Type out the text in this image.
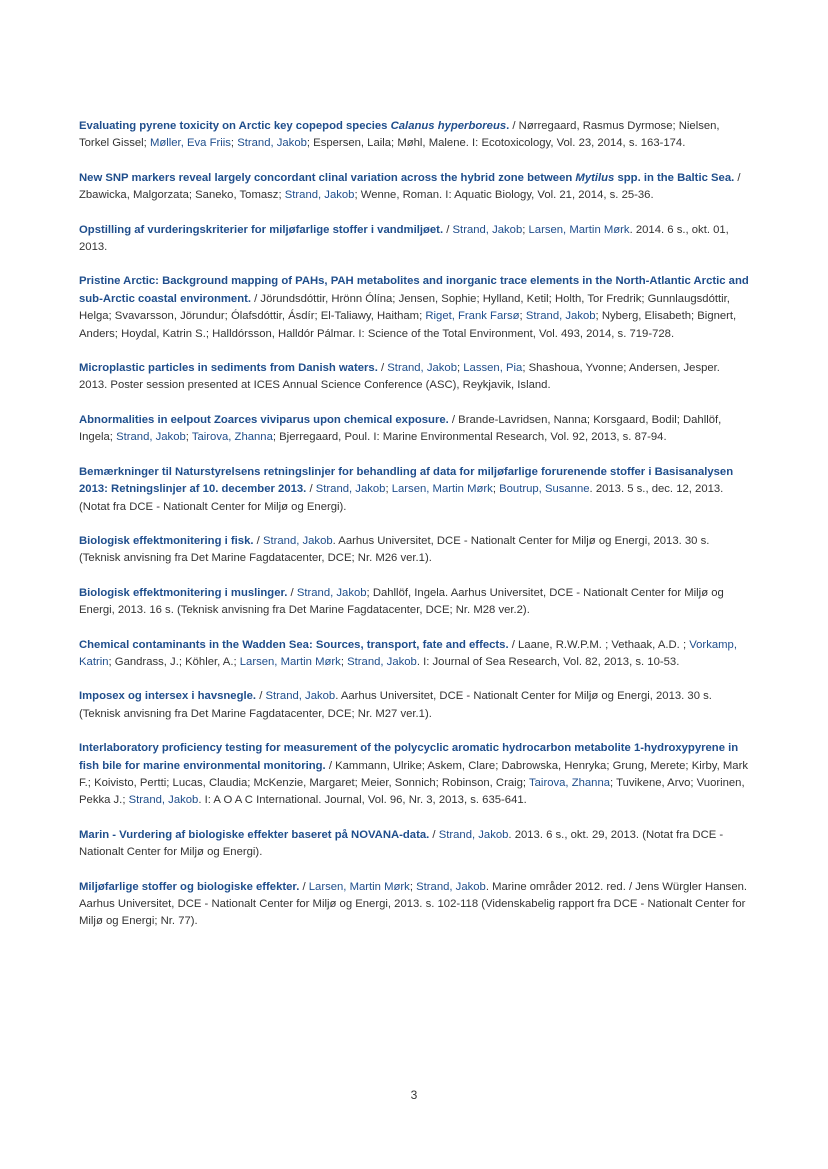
Evaluating pyrene toxicity on Arctic key copepod species Calanus hyperboreus. / Nørregaard, Rasmus Dyrmose; Nielsen, Torkel Gissel; Møller, Eva Friis; Strand, Jakob; Espersen, Laila; Møhl, Malene. I: Ecotoxicology, Vol. 23, 2014, s. 163-174.

New SNP markers reveal largely concordant clinal variation across the hybrid zone between Mytilus spp. in the Baltic Sea. / Zbawicka, Malgorzata; Saneko, Tomasz; Strand, Jakob; Wenne, Roman. I: Aquatic Biology, Vol. 21, 2014, s. 25-36.

Opstilling af vurderingskriterier for miljøfarlige stoffer i vandmiljøet. / Strand, Jakob; Larsen, Martin Mørk. 2014. 6 s., okt. 01, 2013.

Pristine Arctic: Background mapping of PAHs, PAH metabolites and inorganic trace elements in the North-Atlantic Arctic and sub-Arctic coastal environment. / Jörundsdóttir, Hrönn Ólína; Jensen, Sophie; Hylland, Ketil; Holth, Tor Fredrik; Gunnlaugsdóttir, Helga; Svavarsson, Jörundur; Ólafsdóttir, Ásdír; El-Taliawy, Haitham; Riget, Frank Farsø; Strand, Jakob; Nyberg, Elisabeth; Bignert, Anders; Hoydal, Katrin S.; Halldórsson, Halldór Pálmar. I: Science of the Total Environment, Vol. 493, 2014, s. 719-728.

Microplastic particles in sediments from Danish waters. / Strand, Jakob; Lassen, Pia; Shashoua, Yvonne; Andersen, Jesper. 2013. Poster session presented at ICES Annual Science Conference (ASC), Reykjavik, Island.

Abnormalities in eelpout Zoarces viviparus upon chemical exposure. / Brande-Lavridsen, Nanna; Korsgaard, Bodil; Dahllöf, Ingela; Strand, Jakob; Tairova, Zhanna; Bjerregaard, Poul. I: Marine Environmental Research, Vol. 92, 2013, s. 87-94.

Bemærkninger til Naturstyrelsens retningslinjer for behandling af data for miljøfarlige forurenende stoffer i Basisanalysen 2013: Retningslinjer af 10. december 2013. / Strand, Jakob; Larsen, Martin Mørk; Boutrup, Susanne. 2013. 5 s., dec. 12, 2013. (Notat fra DCE - Nationalt Center for Miljø og Energi).

Biologisk effektmonitering i fisk. / Strand, Jakob. Aarhus Universitet, DCE - Nationalt Center for Miljø og Energi, 2013. 30 s. (Teknisk anvisning fra Det Marine Fagdatacenter, DCE; Nr. M26 ver.1).

Biologisk effektmonitering i muslinger. / Strand, Jakob; Dahllöf, Ingela. Aarhus Universitet, DCE - Nationalt Center for Miljø og Energi, 2013. 16 s. (Teknisk anvisning fra Det Marine Fagdatacenter, DCE; Nr. M28 ver.2).

Chemical contaminants in the Wadden Sea: Sources, transport, fate and effects. / Laane, R.W.P.M. ; Vethaak, A.D. ; Vorkamp, Katrin; Gandrass, J.; Köhler, A.; Larsen, Martin Mørk; Strand, Jakob. I: Journal of Sea Research, Vol. 82, 2013, s. 10-53.

Imposex og intersex i havsnegle. / Strand, Jakob. Aarhus Universitet, DCE - Nationalt Center for Miljø og Energi, 2013. 30 s. (Teknisk anvisning fra Det Marine Fagdatacenter, DCE; Nr. M27 ver.1).

Interlaboratory proficiency testing for measurement of the polycyclic aromatic hydrocarbon metabolite 1-hydroxypyrene in fish bile for marine environmental monitoring. / Kammann, Ulrike; Askem, Clare; Dabrowska, Henryka; Grung, Merete; Kirby, Mark F.; Koivisto, Pertti; Lucas, Claudia; McKenzie, Margaret; Meier, Sonnich; Robinson, Craig; Tairova, Zhanna; Tuvikene, Arvo; Vuorinen, Pekka J.; Strand, Jakob. I: A O A C International. Journal, Vol. 96, Nr. 3, 2013, s. 635-641.

Marin - Vurdering af biologiske effekter baseret på NOVANA-data. / Strand, Jakob. 2013. 6 s., okt. 29, 2013. (Notat fra DCE - Nationalt Center for Miljø og Energi).

Miljøfarlige stoffer og biologiske effekter. / Larsen, Martin Mørk; Strand, Jakob. Marine områder 2012. red. / Jens Würgler Hansen. Aarhus Universitet, DCE - Nationalt Center for Miljø og Energi, 2013. s. 102-118 (Videnskabelig rapport fra DCE - Nationalt Center for Miljø og Energi; Nr. 77).

3
